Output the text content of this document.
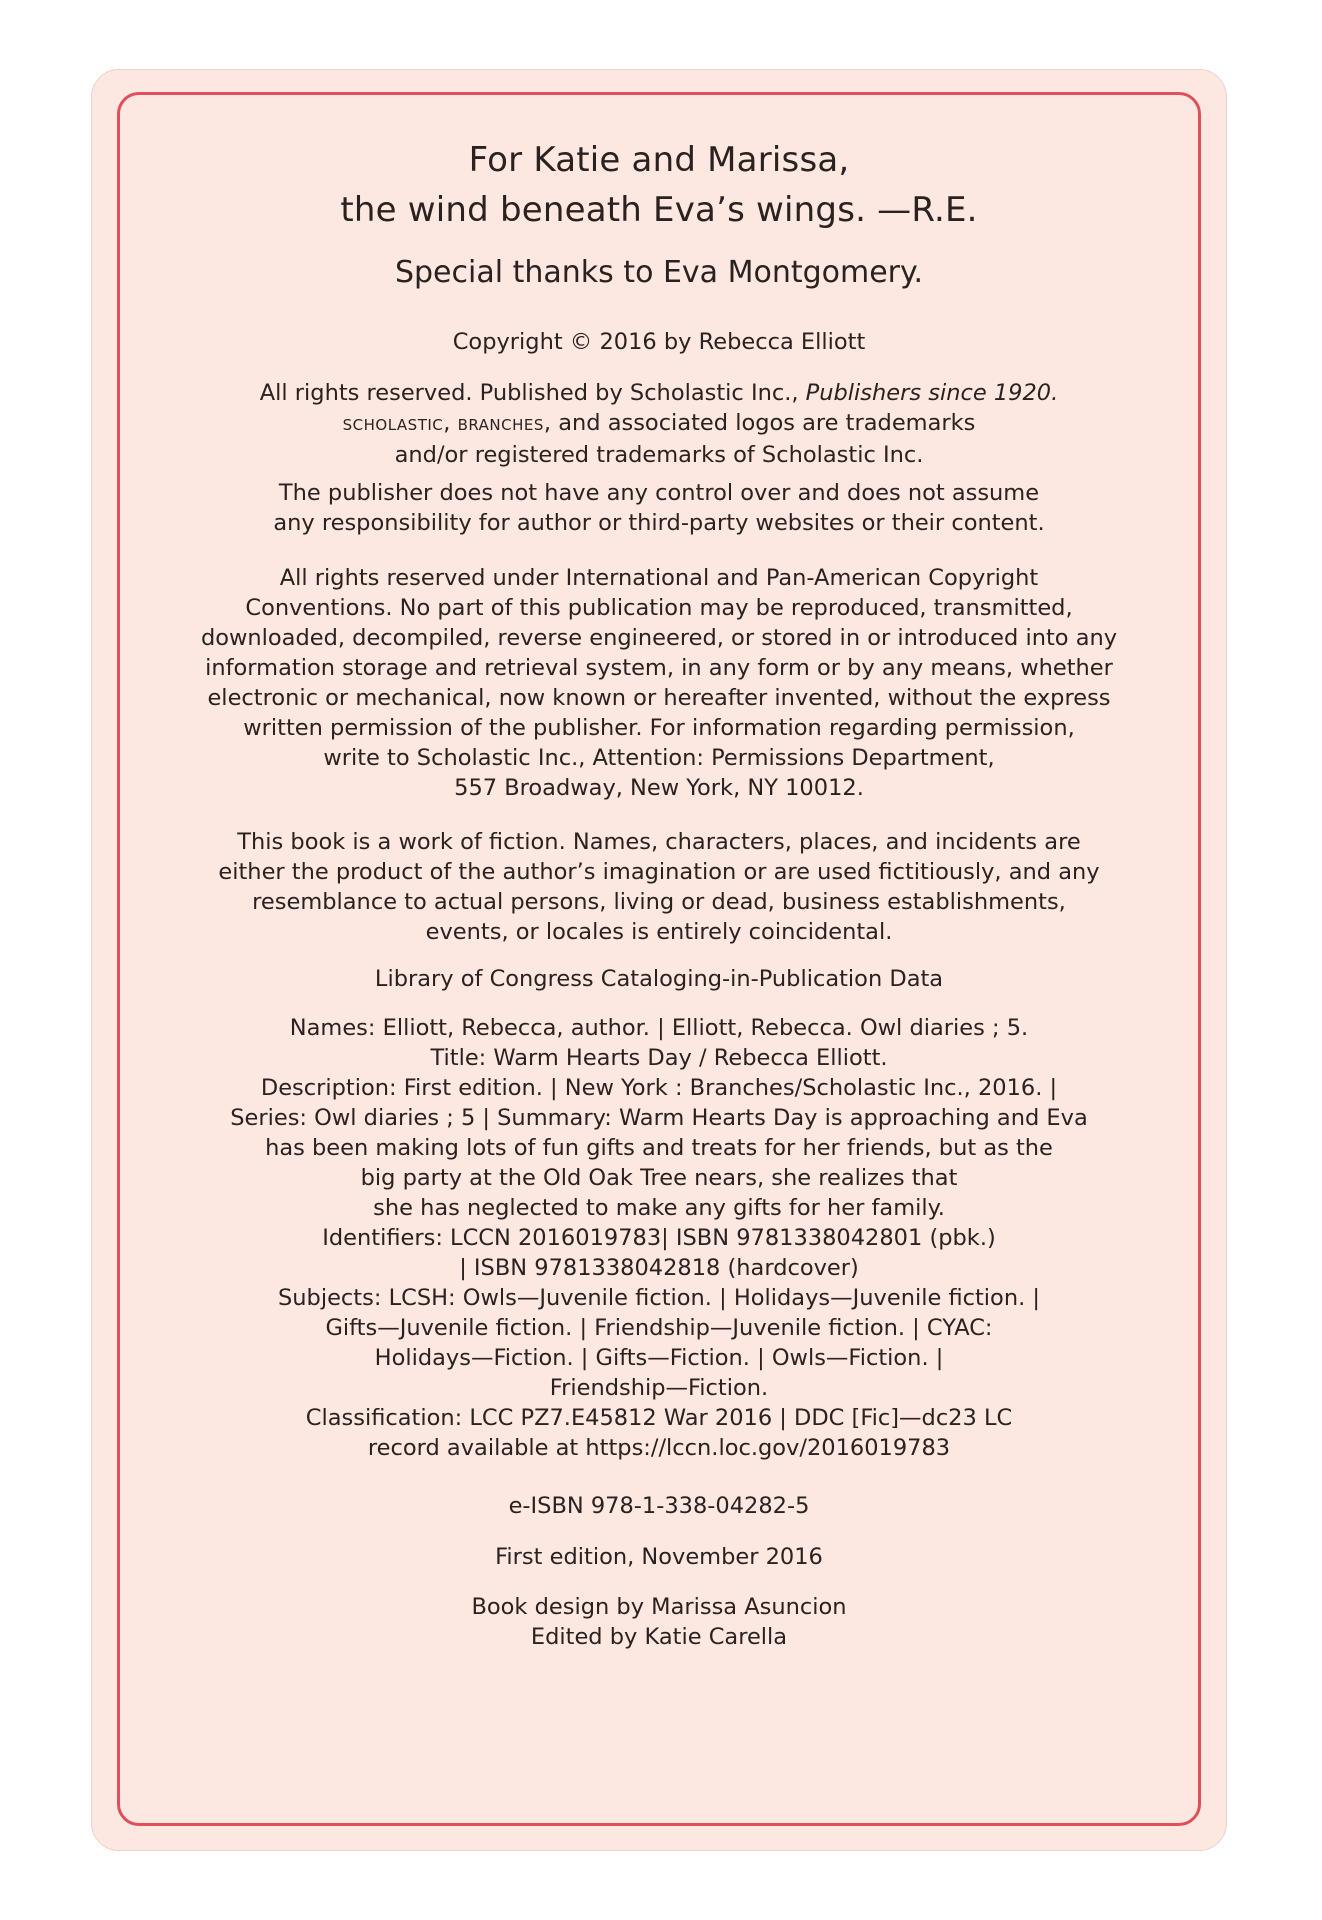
For Katie and Marissa,
the wind beneath Eva’s wings. —R.E.
Special thanks to Eva Montgomery.
Copyright © 2016 by Rebecca Elliott
All rights reserved. Published by Scholastic Inc., Publishers since 1920.
SCHOLASTIC, BRANCHES, and associated logos are trademarks
and/or registered trademarks of Scholastic Inc.
The publisher does not have any control over and does not assume
any responsibility for author or third-party websites or their content.
All rights reserved under International and Pan-American Copyright
Conventions. No part of this publication may be reproduced, transmitted,
downloaded, decompiled, reverse engineered, or stored in or introduced into any
information storage and retrieval system, in any form or by any means, whether
electronic or mechanical, now known or hereafter invented, without the express
written permission of the publisher. For information regarding permission,
write to Scholastic Inc., Attention: Permissions Department,
557 Broadway, New York, NY 10012.
This book is a work of fiction. Names, characters, places, and incidents are
either the product of the author’s imagination or are used fictitiously, and any
resemblance to actual persons, living or dead, business establishments,
events, or locales is entirely coincidental.
Library of Congress Cataloging-in-Publication Data
Names: Elliott, Rebecca, author. | Elliott, Rebecca. Owl diaries ; 5.
Title: Warm Hearts Day / Rebecca Elliott.
Description: First edition. | New York : Branches/Scholastic Inc., 2016. |
Series: Owl diaries ; 5 | Summary: Warm Hearts Day is approaching and Eva
has been making lots of fun gifts and treats for her friends, but as the
big party at the Old Oak Tree nears, she realizes that
she has neglected to make any gifts for her family.
Identifiers: LCCN 2016019783| ISBN 9781338042801 (pbk.)
| ISBN 9781338042818 (hardcover)
Subjects: LCSH: Owls—Juvenile fiction. | Holidays—Juvenile fiction. |
Gifts—Juvenile fiction. | Friendship—Juvenile fiction. | CYAC:
Holidays—Fiction. | Gifts—Fiction. | Owls—Fiction. |
Friendship—Fiction.
Classification: LCC PZ7.E45812 War 2016 | DDC [Fic]—dc23 LC
record available at https://lccn.loc.gov/2016019783
e-ISBN 978-1-338-04282-5
First edition, November 2016
Book design by Marissa Asuncion
Edited by Katie Carella
